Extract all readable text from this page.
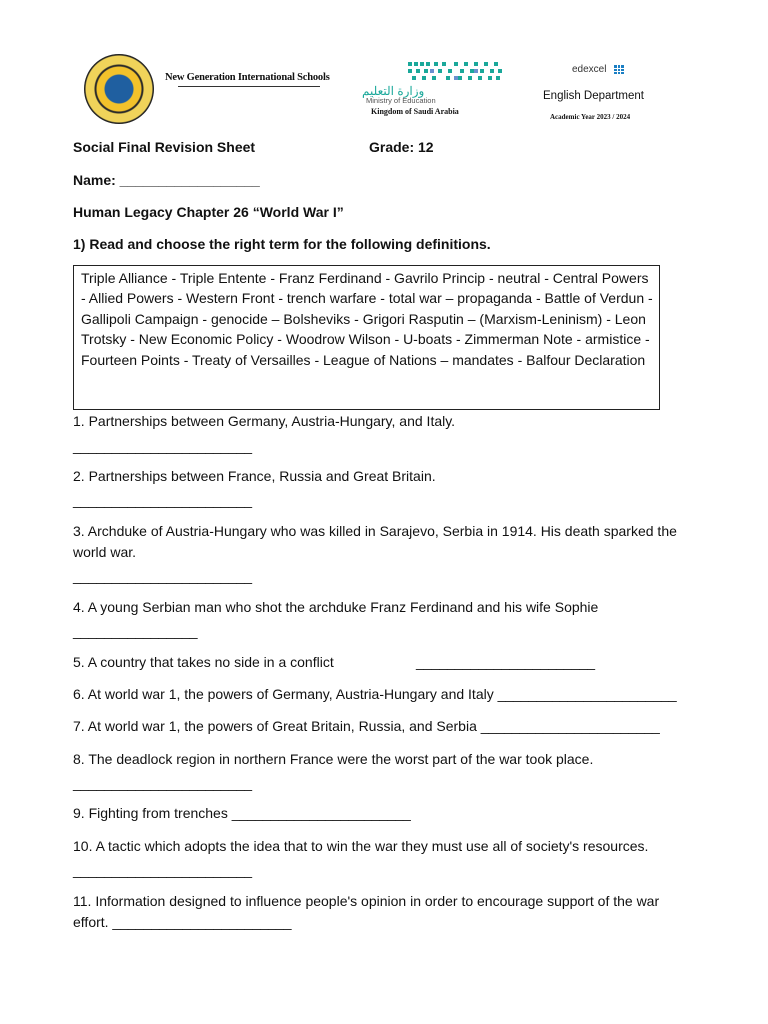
New Generation International Schools
وزارة التعليم
Ministry of Education
Kingdom of Saudi Arabia
edexcel
English Department
Academic Year 2023 / 2024
Social Final Revision Sheet	Grade: 12
Name: __________________
Human Legacy Chapter 26 “World War I”
1) Read and choose the right term for the following definitions.
Triple Alliance - Triple Entente - Franz Ferdinand - Gavrilo Princip - neutral - Central Powers - Allied Powers - Western Front - trench warfare - total war – propaganda - Battle of Verdun - Gallipoli Campaign - genocide – Bolsheviks - Grigori Rasputin – (Marxism-Leninism) - Leon Trotsky - New Economic Policy - Woodrow Wilson - U-boats - Zimmerman Note - armistice - Fourteen Points - Treaty of Versailles - League of Nations – mandates - Balfour Declaration
1. Partnerships between Germany, Austria-Hungary, and Italy.
_______________________
2. Partnerships between France, Russia and Great Britain.
_______________________
3. Archduke of Austria-Hungary who was killed in Sarajevo, Serbia in 1914. His death sparked the
world war.
_______________________
4. A young Serbian man who shot the archduke Franz Ferdinand and his wife Sophie
________________
5. A country that takes no side in a conflict	_______________________
6. At world war 1, the powers of Germany, Austria-Hungary and Italy _______________________
7. At world war 1, the powers of Great Britain, Russia, and Serbia _______________________
8. The deadlock region in northern France were the worst part of the war took place.
_______________________
9. Fighting from trenches _______________________
10. A tactic which adopts the idea that to win the war they must use all of society's resources.
_______________________
11. Information designed to influence people's opinion in order to encourage support of the war
effort. _______________________
